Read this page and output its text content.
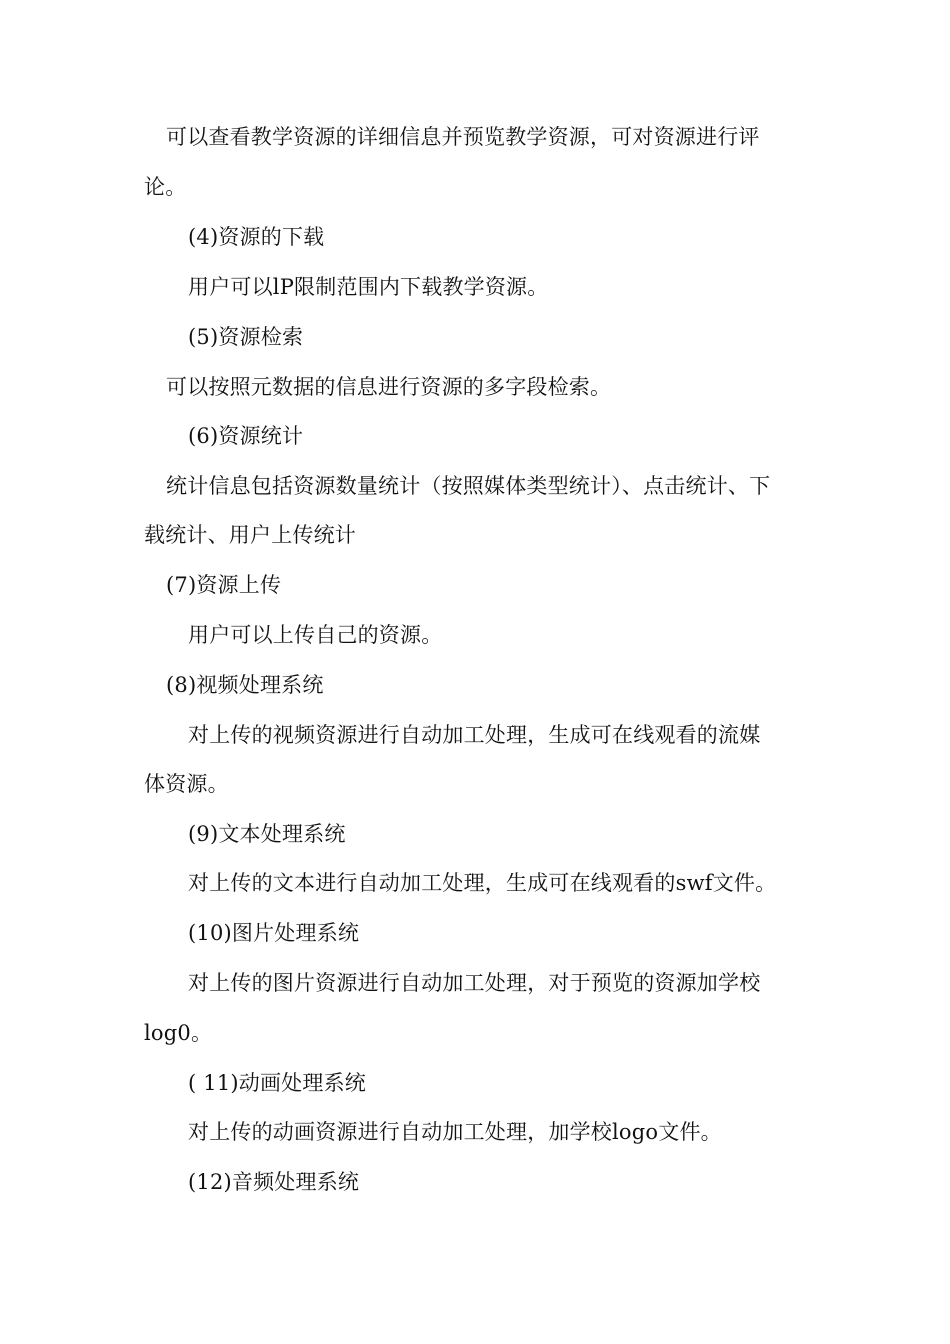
可以查看教学资源的详细信息并预览教学资源，可对资源进行评
论。
(4)资源的下载
用户可以lP限制范围内下载教学资源。
(5)资源检索
可以按照元数据的信息进行资源的多字段检索。
(6)资源统计
统计信息包括资源数量统计（按照媒体类型统计）、点击统计、下
载统计、用户上传统计
(7)资源上传
用户可以上传自己的资源。
(8)视频处理系统
对上传的视频资源进行自动加工处理，生成可在线观看的流媒
体资源。
(9)文本处理系统
对上传的文本进行自动加工处理，生成可在线观看的swf文件。
(10)图片处理系统
对上传的图片资源进行自动加工处理，对于预览的资源加学校
log0。
( 11)动画处理系统
对上传的动画资源进行自动加工处理，加学校logo文件。
(12)音频处理系统
